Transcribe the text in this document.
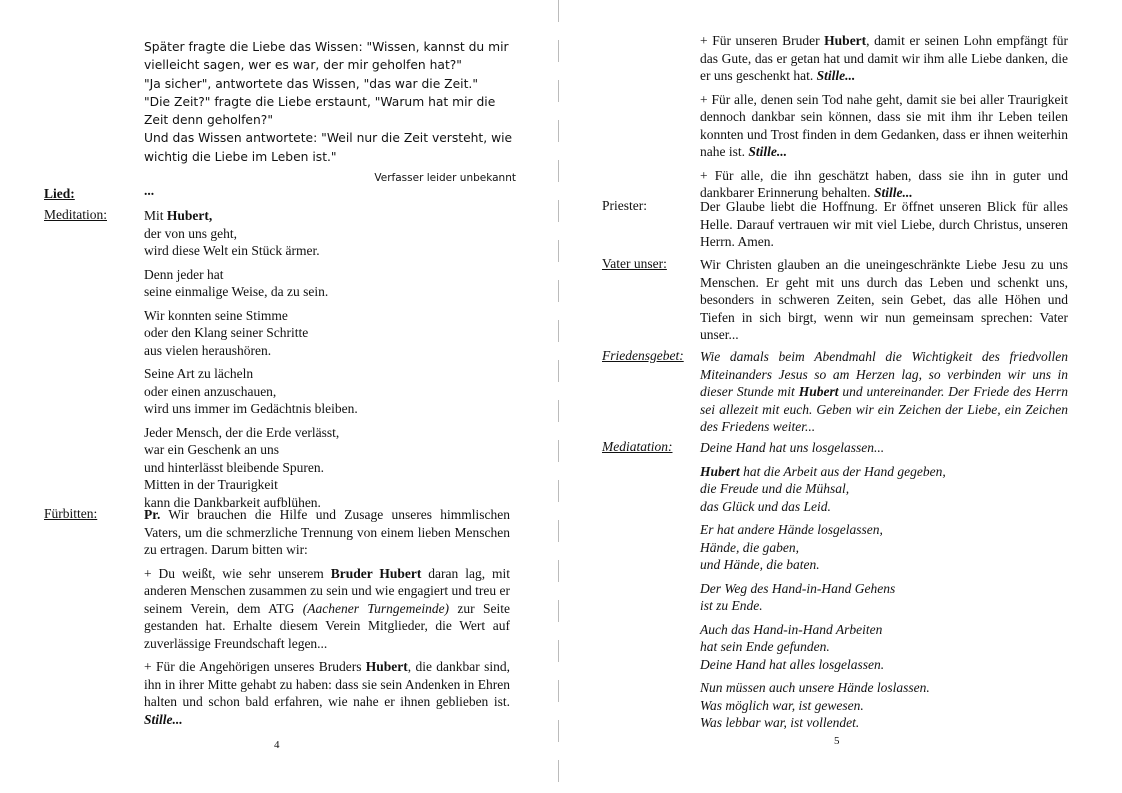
Später fragte die Liebe das Wissen: "Wissen, kannst du mir vielleicht sagen, wer es war, der mir geholfen hat?"

"Ja sicher", antwortete das Wissen, "das war die Zeit."

"Die Zeit?" fragte die Liebe erstaunt, "Warum hat mir die Zeit denn geholfen?"

Und das Wissen antwortete: "Weil nur die Zeit versteht, wie wichtig die Liebe im Leben ist."

Verfasser leider unbekannt
Lied:	...
Meditation:	Mit Hubert,
der von uns geht,
wird diese Welt ein Stück ärmer.

Denn jeder hat
seine einmalige Weise, da zu sein.

Wir konnten seine Stimme
oder den Klang seiner Schritte
aus vielen heraushören.

Seine Art zu lächeln
oder einen anzuschauen,
wird uns immer im Gedächtnis bleiben.

Jeder Mensch, der die Erde verlässt,
war ein Geschenk an uns
und hinterlässt bleibende Spuren.
Mitten in der Traurigkeit
kann die Dankbarkeit aufblühen.

Fürbitten:	Pr. Wir brauchen die Hilfe und Zusage unseres himmlischen Vaters, um die schmerzliche Trennung von einem lieben Menschen zu ertragen. Darum bitten wir:

+ Du weißt, wie sehr unserem Bruder Hubert daran lag, mit anderen Menschen zusammen zu sein und wie engagiert und treu er seinem Verein, dem ATG (Aachener Turngemeinde) zur Seite gestanden hat. Erhalte diesem Verein Mitglieder, die Wert auf zuverlässige Freundschaft legen...

+ Für die Angehörigen unseres Bruders Hubert, die dankbar sind, ihn in ihrer Mitte gehabt zu haben: dass sie sein Andenken in Ehren halten und schon bald erfahren, wie nahe er ihnen geblieben ist. Stille...

4

+ Für unseren Bruder Hubert, damit er seinen Lohn empfängt für das Gute, das er getan hat und damit wir ihm alle Liebe danken, die er uns geschenkt hat. Stille...

+ Für alle, denen sein Tod nahe geht, damit sie bei aller Traurigkeit dennoch dankbar sein können, dass sie mit ihm ihr Leben teilen konnten und Trost finden in dem Gedanken, dass er ihnen weiterhin nahe ist. Stille...

+ Für alle, die ihn geschätzt haben, dass sie ihn in guter und dankbarer Erinnerung behalten. Stille...

Priester:	Der Glaube liebt die Hoffnung. Er öffnet unseren Blick für alles Helle. Darauf vertrauen wir mit viel Liebe, durch Christus, unseren Herrn. Amen.
Vater unser: Wir Christen glauben an die uneingeschränkte Liebe Jesu zu uns Menschen. Er geht mit uns durch das Leben und schenkt uns, besonders in schweren Zeiten, sein Gebet, das alle Höhen und Tiefen in sich birgt, wenn wir nun gemeinsam sprechen: Vater unser...
Friedensgebet: Wie damals beim Abendmahl die Wichtigkeit des friedvollen Miteinanders Jesus so am Herzen lag, so verbinden wir uns in dieser Stunde mit Hubert und untereinander. Der Friede des Herrn sei allezeit mit euch. Geben wir ein Zeichen der Liebe, ein Zeichen des Friedens weiter...
Mediatation: Deine Hand hat uns losgelassen...

Hubert hat die Arbeit aus der Hand gegeben,
die Freude und die Mühsal,
das Glück und das Leid.

Er hat andere Hände losgelassen,
Hände, die gaben,
und Hände, die baten.

Der Weg des Hand-in-Hand Gehens
ist zu Ende.

Auch das Hand-in-Hand Arbeiten
hat sein Ende gefunden.
Deine Hand hat alles losgelassen.

Nun müssen auch unsere Hände loslassen.
Was möglich war, ist gewesen.
Was lebbar war, ist vollendet.

5
